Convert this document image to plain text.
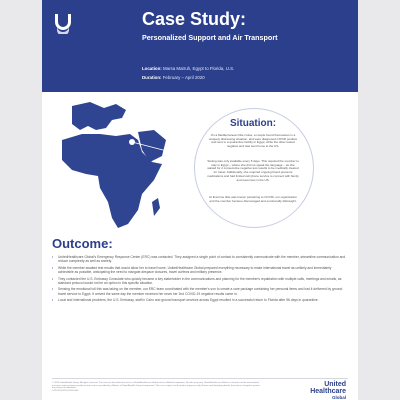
Case Study:
Personalized Support and Air Transport
Location: Marsa Matruh, Egypt to Florida, U.S.
Duration: February – April 2020
Situation:
On a Mediterranean Nile cruise, a couple found themselves in a uniquely distressing situation, and were diagnosed COVID positive and sent to a quarantine facility in Egypt, while the other tested negative and was sent home to the US.
Testing was only available every 5 days. This required the member to stay in Egypt – where she did not speak the language – as she waited for 2 consecutive negative test results to be medically cleared for travel. Additionally, she required ongoing blood pressure medications and had limited cell phone service to connect with family and resources in the US.
At that time little was known pertaining to COVID, our organization and the member became discouraged and emotionally distraught.
Outcome:
• UnitedHealthcare Global's Emergency Response Center (ERC) was contacted. They assigned a single point of contact to consistently communicate with the member, streamline communication and reduce complexity as well as anxiety.
• While the member awaited test results that would allow her to travel home, UnitedHealthcare Global prepared everything necessary to make international travel as unlikely and immediately achievable as possible, anticipating the need to navigate airspace closures, travel curfews and military presence.
• They contacted the U.S. Embassy Consulate who quickly became a key stakeholder in the communications and planning for the member's repatriation with multiple calls, meetings and emails, as standard protocol would not be an option in this specific situation.
• Sensing the emotional toll this was taking on the member, our ERC team coordinated with the member's son to create a care package containing her personal items and had it delivered by ground travel service to Egypt. It arrived the same day the member received her news her 2nd COVID-19 negative results came in.
• Local and international providers, the U.S. Embassy, staff in Cairo and ground transport services across Egypt resulted in a successful return to Florida after 56 days in quarantine.
© 2020 UnitedHealth Group. All rights reserved. The services described are those of UnitedHealthcare Global and its affiliated companies. Results may vary. UnitedHealthcare Global is a brand used for international insurance and assistance products and services provided by affiliates of UnitedHealth Group Incorporated. This case study is for illustrative purposes only. Names and identifying details have been changed to protect the privacy of individuals.
GT1079 (10/20) 2020 UHG
United
Healthcare
Global
